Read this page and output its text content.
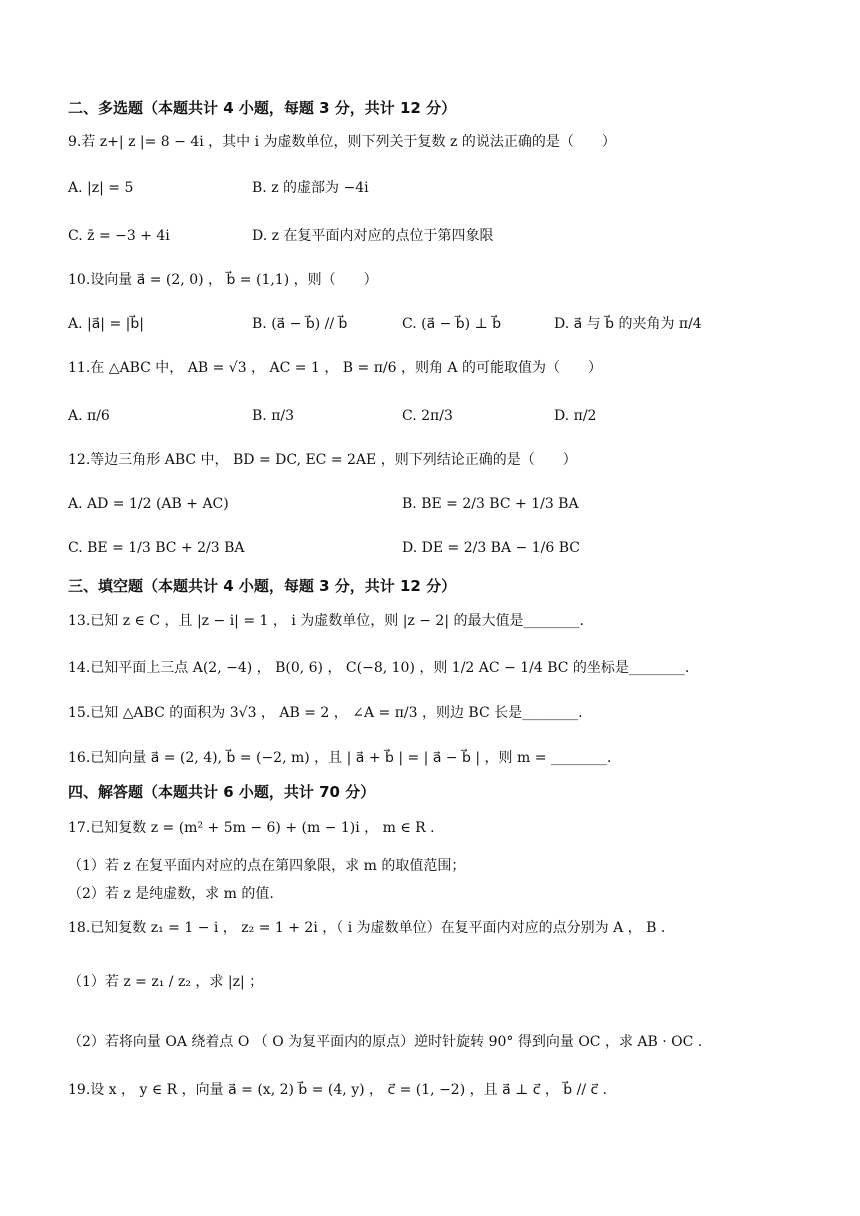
二、多选题（本题共计 4 小题，每题 3 分，共计 12 分）
9.若 z+| z |= 8 − 4i ，其中 i 为虚数单位，则下列关于复数 z 的说法正确的是（　　）
A. |z| = 5	B. z 的虚部为 −4i
C. z̄ = −3 + 4i	D. z 在复平面内对应的点位于第四象限
10.设向量 a⃗ = (2, 0) ， b⃗ = (1,1) ，则（　　）
A. |a⃗| = |b⃗|	B. (a⃗ − b⃗) // b⃗	C. (a⃗ − b⃗) ⊥ b⃗	D. a⃗ 与 b⃗ 的夹角为 π/4
11.在 △ABC 中， AB = √3 ， AC = 1 ， B = π/6 ，则角 A 的可能取值为（　　）
A. π/6	B. π/3	C. 2π/3	D. π/2
12.等边三角形 ABC 中， BD = DC, EC = 2AE ，则下列结论正确的是（　　）
A. AD = 1/2 (AB + AC)	B. BE = 2/3 BC + 1/3 BA
C. BE = 1/3 BC + 2/3 BA	D. DE = 2/3 BA − 1/6 BC
三、填空题（本题共计 4 小题，每题 3 分，共计 12 分）
13.已知 z ∈ C ，且 |z − i| = 1 ， i 为虚数单位，则 |z − 2| 的最大值是________.
14.已知平面上三点 A(2, −4) ， B(0, 6) ， C(−8, 10) ，则 1/2 AC − 1/4 BC 的坐标是________.
15.已知 △ABC 的面积为 3√3 ， AB = 2 ， ∠A = π/3 ，则边 BC 长是________.
16.已知向量 a⃗ = (2, 4), b⃗ = (−2, m) ，且 | a⃗ + b⃗ | = | a⃗ − b⃗ | ，则 m = ________.
四、解答题（本题共计 6 小题，共计 70 分）
17.已知复数 z = (m² + 5m − 6) + (m − 1)i ， m ∈ R .
（1）若 z 在复平面内对应的点在第四象限，求 m 的取值范围；
（2）若 z 是纯虚数，求 m 的值.
18.已知复数 z₁ = 1 − i ， z₂ = 1 + 2i ，（ i 为虚数单位）在复平面内对应的点分别为 A ， B .
（1）若 z = z₁ / z₂ ，求 |z| ；
（2）若将向量 OA 绕着点 O （ O 为复平面内的原点）逆时针旋转 90° 得到向量 OC ，求 AB · OC .
19.设 x ， y ∈ R ，向量 a⃗ = (x, 2) b⃗ = (4, y) ， c⃗ = (1, −2) ，且 a⃗ ⊥ c⃗ ， b⃗ // c⃗ .
